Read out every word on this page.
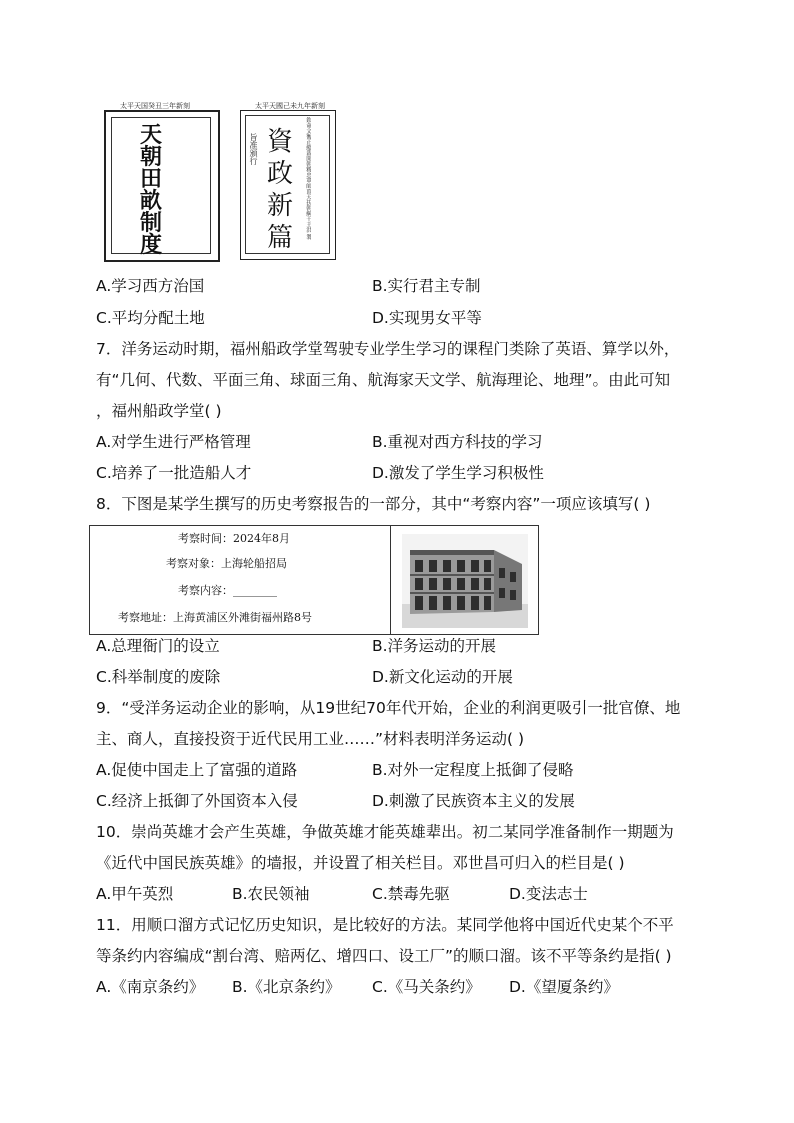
天
朝
田
畝
制
度
太平天国癸丑三年新刻
旨准頒行 資
政
新
篇 欽命文衡正總裁開朝精忠軍師頂天扶朝綱干王洪 製
太平天國己未九年新刻
A.学习西方治国	B.实行君主专制
C.平均分配土地	D.实现男女平等
7．洋务运动时期，福州船政学堂驾驶专业学生学习的课程门类除了英语、算学以外，
有“几何、代数、平面三角、球面三角、航海家天文学、航海理论、地理”。由此可知
，福州船政学堂( )
A.对学生进行严格管理	B.重视对西方科技的学习
C.培养了一批造船人才	D.激发了学生学习积极性
8．下图是某学生撰写的历史考察报告的一部分，其中“考察内容”一项应该填写( )
考察时间：2024年8月
考察对象：上海轮船招局
考察内容：________
考察地址：上海黄浦区外滩街福州路8号
A.总理衙门的设立	B.洋务运动的开展
C.科举制度的废除	D.新文化运动的开展
9．“受洋务运动企业的影响，从19世纪70年代开始，企业的利润更吸引一批官僚、地
主、商人，直接投资于近代民用工业……”材料表明洋务运动( )
A.促使中国走上了富强的道路	B.对外一定程度上抵御了侵略
C.经济上抵御了外国资本入侵	D.刺激了民族资本主义的发展
10．崇尚英雄才会产生英雄，争做英雄才能英雄辈出。初二某同学准备制作一期题为
《近代中国民族英雄》的墙报，并设置了相关栏目。邓世昌可归入的栏目是( )
A.甲午英烈	B.农民领袖	C.禁毒先驱	D.变法志士
11．用顺口溜方式记忆历史知识，是比较好的方法。某同学他将中国近代史某个不平
等条约内容编成“割台湾、赔两亿、增四口、设工厂”的顺口溜。该不平等条约是指( )
A.《南京条约》 B.《北京条约》 C.《马关条约》 D.《望厦条约》
